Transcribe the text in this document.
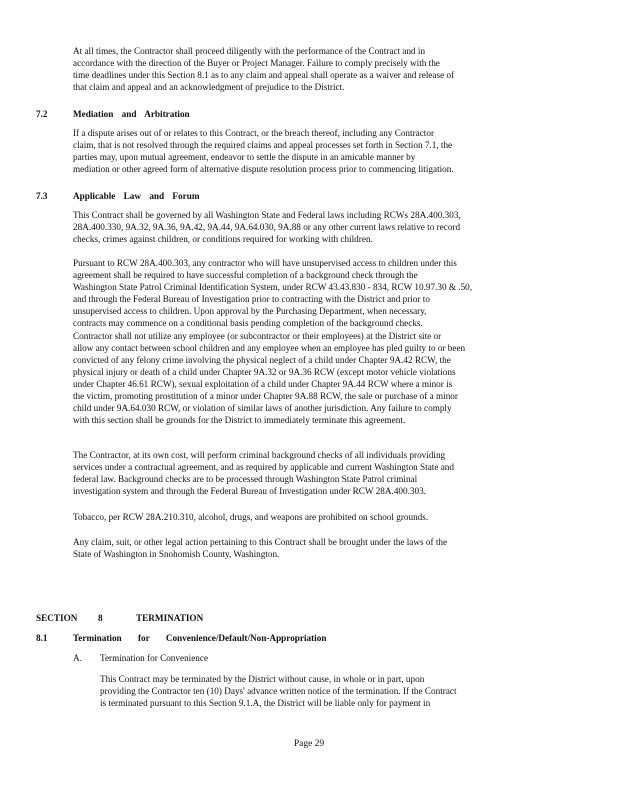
At all times, the Contractor shall proceed diligently with the performance of the Contract and in
accordance with the direction of the Buyer or Project Manager. Failure to comply precisely with the
time deadlines under this Section 8.1 as to any claim and appeal shall operate as a waiver and release of
that claim and appeal and an acknowledgment of prejudice to the District.
7.2	Mediation and Arbitration
If a dispute arises out of or relates to this Contract, or the breach thereof, including any Contractor
claim, that is not resolved through the required claims and appeal processes set forth in Section 7.1, the
parties may, upon mutual agreement, endeavor to settle the dispute in an amicable manner by
mediation or other agreed form of alternative dispute resolution process prior to commencing litigation.
7.3	Applicable Law and Forum
This Contract shall be governed by all Washington State and Federal laws including RCWs 28A.400.303,
28A.400.330, 9A.32, 9A.36, 9A.42, 9A.44, 9A.64.030, 9A.88 or any other current laws relative to record
checks, crimes against children, or conditions required for working with children.
Pursuant to RCW 28A.400.303, any contractor who will have unsupervised access to children under this
agreement shall be required to have successful completion of a background check through the
Washington State Patrol Criminal Identification System, under RCW 43.43.830 - 834, RCW 10.97.30 & .50,
and through the Federal Bureau of Investigation prior to contracting with the District and prior to
unsupervised access to children. Upon approval by the Purchasing Department, when necessary,
contracts may commence on a conditional basis pending completion of the background checks.
Contractor shall not utilize any employee (or subcontractor or their employees) at the District site or
allow any contact between school children and any employee when an employee has pled guilty to or been
convicted of any felony crime involving the physical neglect of a child under Chapter 9A.42 RCW, the
physical injury or death of a child under Chapter 9A.32 or 9A.36 RCW (except motor vehicle violations
under Chapter 46.61 RCW), sexual exploitation of a child under Chapter 9A.44 RCW where a minor is
the victim, promoting prostitution of a minor under Chapter 9A.88 RCW, the sale or purchase of a minor
child under 9A.64.030 RCW, or violation of similar laws of another jurisdiction. Any failure to comply
with this section shall be grounds for the District to immediately terminate this agreement.
The Contractor, at its own cost, will perform criminal background checks of all individuals providing
services under a contractual agreement, and as required by applicable and current Washington State and
federal law. Background checks are to be processed through Washington State Patrol criminal
investigation system and through the Federal Bureau of Investigation under RCW 28A.400.303.
Tobacco, per RCW 28A.210.310, alcohol, drugs, and weapons are prohibited on school grounds.
Any claim, suit, or other legal action pertaining to this Contract shall be brought under the laws of the
State of Washington in Snohomish County, Washington.
SECTION 8	TERMINATION
8.1	Termination for Convenience/Default/Non-Appropriation
A. Termination for Convenience
This Contract may be terminated by the District without cause, in whole or in part, upon
providing the Contractor ten (10) Days' advance written notice of the termination. If the Contract
is terminated pursuant to this Section 9.1.A, the District will be liable only for payment in
Page 29
